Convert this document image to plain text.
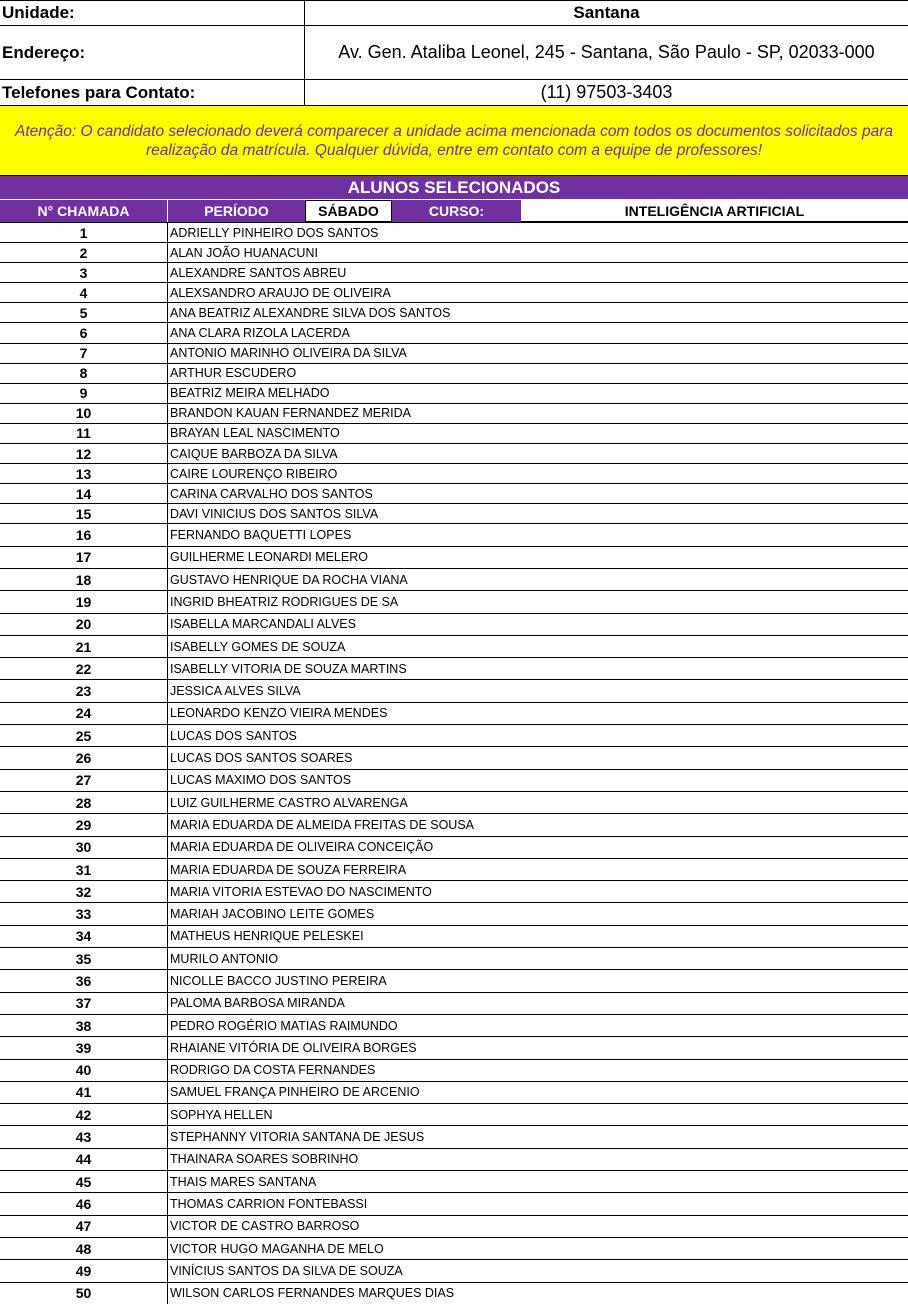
Unidade:	Santana
Endereço:	Av. Gen. Ataliba Leonel, 245 - Santana, São Paulo - SP, 02033-000
Telefones para Contato:	(11) 97503-3403
Atenção: O candidato selecionado deverá comparecer a unidade acima mencionada com todos os documentos solicitados para realização da matrícula. Qualquer dúvida, entre em contato com a equipe de professores!
ALUNOS SELECIONADOS
N° CHAMADA	PERÍODO	SÁBADO	CURSO:	INTELIGÊNCIA ARTIFICIAL
1	ADRIELLY PINHEIRO DOS SANTOS
2	ALAN JOÃO HUANACUNI
3	ALEXANDRE SANTOS ABREU
4	ALEXSANDRO ARAUJO DE OLIVEIRA
5	ANA BEATRIZ ALEXANDRE SILVA DOS SANTOS
6	ANA CLARA RIZOLA LACERDA
7	ANTONIO MARINHO OLIVEIRA DA SILVA
8	ARTHUR ESCUDERO
9	BEATRIZ MEIRA MELHADO
10	BRANDON KAUAN FERNANDEZ MERIDA
11	BRAYAN LEAL NASCIMENTO
12	CAIQUE BARBOZA DA SILVA
13	CAIRE LOURENÇO RIBEIRO
14	CARINA CARVALHO DOS SANTOS
15	DAVI VINICIUS DOS SANTOS SILVA
16	FERNANDO BAQUETTI LOPES
17	GUILHERME LEONARDI MELERO
18	GUSTAVO HENRIQUE DA ROCHA VIANA
19	INGRID BHEATRIZ RODRIGUES DE SA
20	ISABELLA MARCANDALI ALVES
21	ISABELLY GOMES DE SOUZA
22	ISABELLY VITORIA DE SOUZA MARTINS
23	JESSICA ALVES SILVA
24	LEONARDO KENZO VIEIRA MENDES
25	LUCAS DOS SANTOS
26	LUCAS DOS SANTOS SOARES
27	LUCAS MAXIMO DOS SANTOS
28	LUIZ GUILHERME CASTRO ALVARENGA
29	MARIA EDUARDA DE ALMEIDA FREITAS DE SOUSA
30	MARIA EDUARDA DE OLIVEIRA CONCEIÇÃO
31	MARIA EDUARDA DE SOUZA FERREIRA
32	MARIA VITORIA ESTEVAO DO NASCIMENTO
33	MARIAH JACOBINO LEITE GOMES
34	MATHEUS HENRIQUE PELESKEI
35	MURILO ANTONIO
36	NICOLLE BACCO JUSTINO PEREIRA
37	PALOMA BARBOSA MIRANDA
38	PEDRO ROGÉRIO MATIAS RAIMUNDO
39	RHAIANE VITÓRIA DE OLIVEIRA BORGES
40	RODRIGO DA COSTA FERNANDES
41	SAMUEL FRANÇA PINHEIRO DE ARCENIO
42	SOPHYA HELLEN
43	STEPHANNY VITORIA SANTANA DE JESUS
44	THAINARA SOARES SOBRINHO
45	THAIS MARES SANTANA
46	THOMAS CARRION FONTEBASSI
47	VICTOR DE CASTRO BARROSO
48	VICTOR HUGO MAGANHA DE MELO
49	VINÍCIUS SANTOS DA SILVA DE SOUZA
50	WILSON CARLOS FERNANDES MARQUES DIAS
